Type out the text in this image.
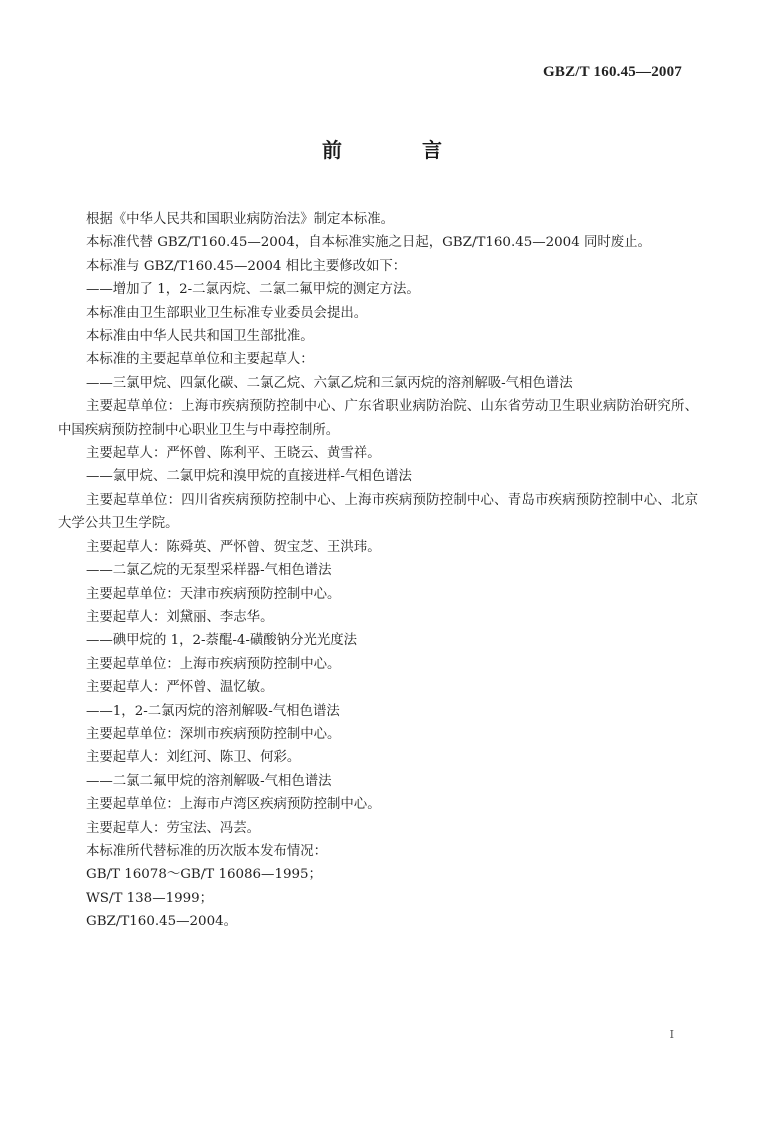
GBZ/T 160.45—2007
前　言

根据《中华人民共和国职业病防治法》制定本标准。

本标准代替 GBZ/T160.45—2004，自本标准实施之日起，GBZ/T160.45—2004 同时废止。

本标准与 GBZ/T160.45—2004 相比主要修改如下：

——增加了 1，2-二氯丙烷、二氯二氟甲烷的测定方法。

本标准由卫生部职业卫生标准专业委员会提出。

本标准由中华人民共和国卫生部批准。

本标准的主要起草单位和主要起草人：

——三氯甲烷、四氯化碳、二氯乙烷、六氯乙烷和三氯丙烷的溶剂解吸-气相色谱法

主要起草单位：上海市疾病预防控制中心、广东省职业病防治院、山东省劳动卫生职业病防治研究所、中国疾病预防控制中心职业卫生与中毒控制所。

主要起草人：严怀曾、陈利平、王晓云、黄雪祥。

——氯甲烷、二氯甲烷和溴甲烷的直接进样-气相色谱法

主要起草单位：四川省疾病预防控制中心、上海市疾病预防控制中心、青岛市疾病预防控制中心、北京大学公共卫生学院。

主要起草人：陈舜英、严怀曾、贺宝芝、王洪玮。

——二氯乙烷的无泵型采样器-气相色谱法

主要起草单位：天津市疾病预防控制中心。

主要起草人：刘黛丽、李志华。

——碘甲烷的 1，2-萘醌-4-磺酸钠分光光度法

主要起草单位：上海市疾病预防控制中心。

主要起草人：严怀曾、温忆敏。

——1，2-二氯丙烷的溶剂解吸-气相色谱法

主要起草单位：深圳市疾病预防控制中心。

主要起草人：刘红河、陈卫、何彩。

——二氯二氟甲烷的溶剂解吸-气相色谱法

主要起草单位：上海市卢湾区疾病预防控制中心。

主要起草人：劳宝法、冯芸。

本标准所代替标准的历次版本发布情况：

GB/T 16078～GB/T 16086—1995；

WS/T 138—1999；

GBZ/T160.45—2004。

I
